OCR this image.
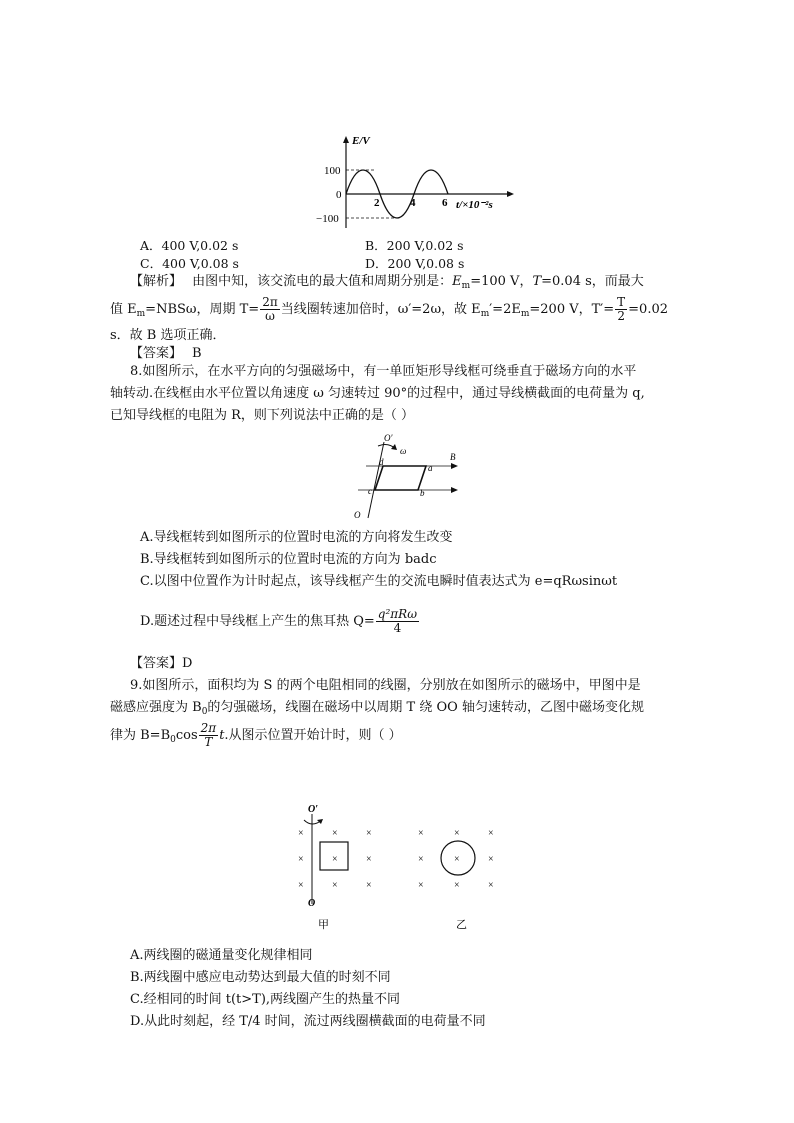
100
0
−100
2	4 6
E/V
t/×10⁻²s
A．400 V,0.02 s	B．200 V,0.02 s
C．400 V,0.08 s	D．200 V,0.08 s
【解析】 由图中知，该交流电的最大值和周期分别是：$E_m=100$ V，T=0.04 s，而最大
值 $E_m=NBS\omega$，周期 $T= \frac{2\pi}{\omega}$ 当线圈转速加倍时，ω′=2ω，故 $E_m'=2E_m=200$ V，$T'= \frac{T}{2} =0.02$
s．故 B 选项正确．
【答案】 B
8.如图所示，在水平方向的匀强磁场中，有一单匝矩形导线框可绕垂直于磁场方向的水平
轴转动.在线框由水平位置以角速度 ω 匀速转过 90°的过程中，通过导线横截面的电荷量为 q,
已知导线框的电阻为 R，则下列说法中正确的是（ ）
O′
ω
B
d
a
c	b
O
A.导线框转到如图所示的位置时电流的方向将发生改变
B.导线框转到如图所示的位置时电流的方向为 badc
C.以图中位置作为计时起点，该导线框产生的交流电瞬时值表达式为 e=qRωsinωt
D.题述过程中导线框上产生的焦耳热 $Q= \frac{\text{q²πRω}}{4}$
【答案】D
9.如图所示，面积均为 S 的两个电阻相同的线圈，分别放在如图所示的磁场中，甲图中是
磁感应强度为 $B_0$的匀强磁场，线圈在磁场中以周期 T 绕 OO 轴匀速转动，乙图中磁场变化规
律为 $B=B_0\cos \frac{2\pi}{T} t$.从图示位置开始计时，则（ ）
O′
O
×	×	×
×	×	×
×	×	×
甲
×	×	×
×	×	×
×	×	×
乙
A.两线圈的磁通量变化规律相同
B.两线圈中感应电动势达到最大值的时刻不同
C.经相同的时间 t(t>T),两线圈产生的热量不同
D.从此时刻起，经 T/4 时间，流过两线圈横截面的电荷量不同
